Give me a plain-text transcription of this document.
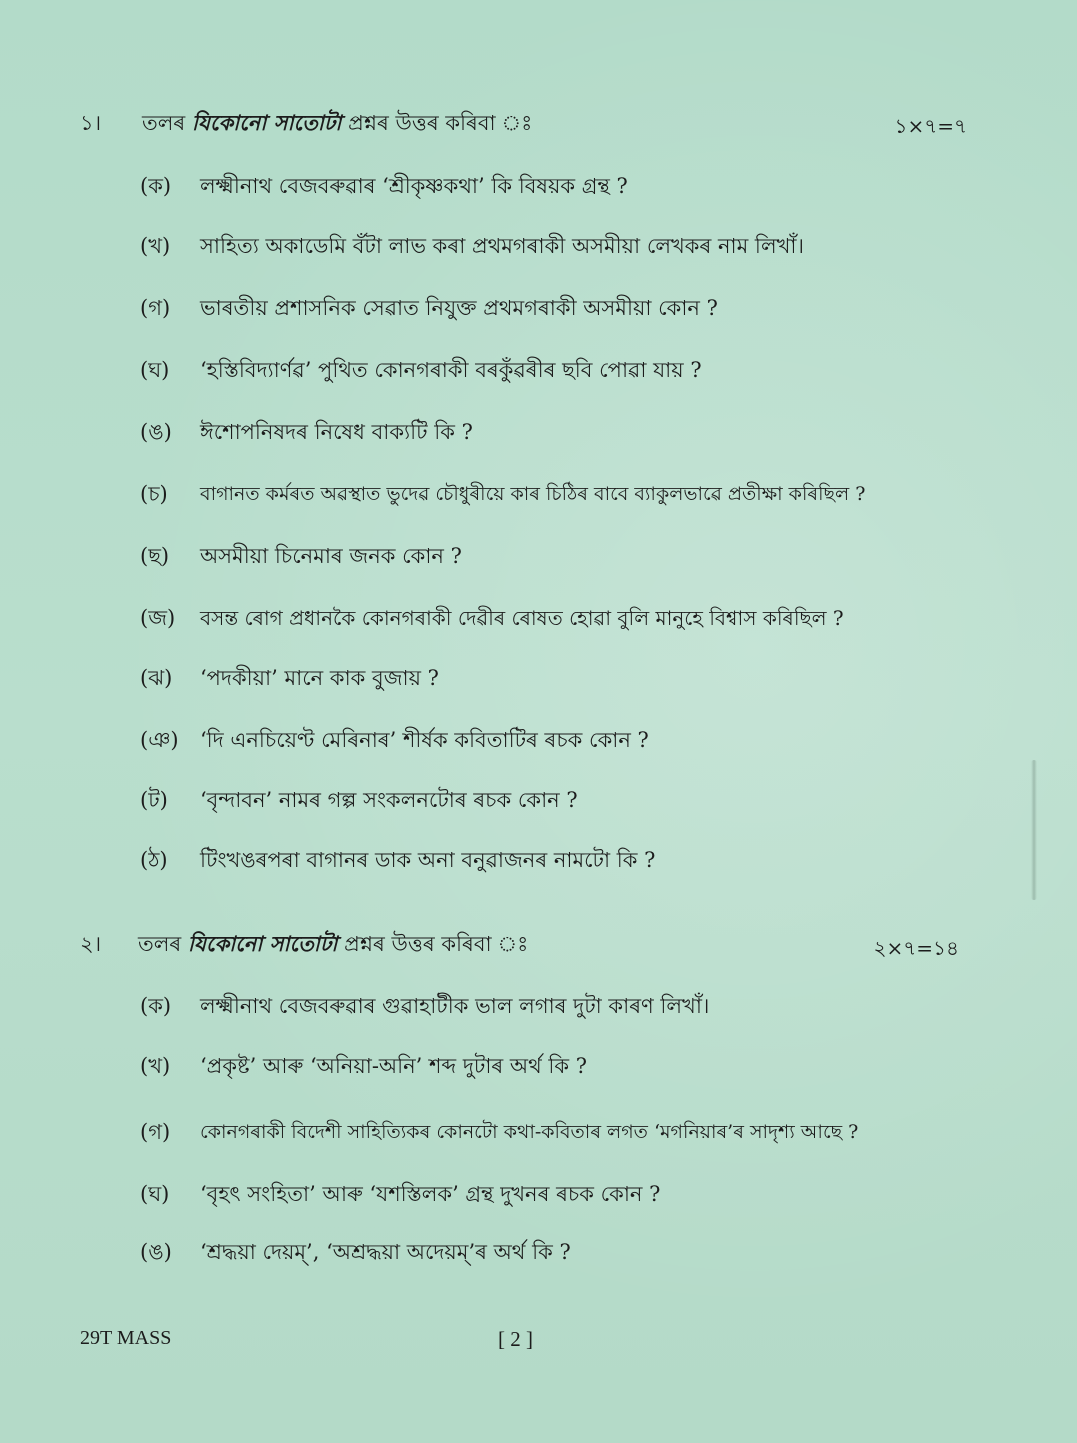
১। তলৰ যিকোনো সাতোটা প্ৰশ্নৰ উত্তৰ কৰিবা ঃ	১×৭=৭
(ক) লক্ষ্মীনাথ বেজবৰুৱাৰ ‘শ্ৰীকৃষ্ণকথা’ কি বিষয়ক গ্ৰন্থ ?
(খ) সাহিত্য অকাডেমি বঁটা লাভ কৰা প্ৰথমগৰাকী অসমীয়া লেখকৰ নাম লিখাঁ।
(গ) ভাৰতীয় প্ৰশাসনিক সেৱাত নিযুক্ত প্ৰথমগৰাকী অসমীয়া কোন ?
(ঘ) ‘হস্তিবিদ্যাৰ্ণৱ’ পুথিত কোনগৰাকী বৰকুঁৱৰীৰ ছবি পোৱা যায় ?
(ঙ) ঈশোপনিষদৰ নিষেধ বাক্যটি কি ?
(চ) বাগানত কৰ্মৰত অৱস্থাত ভুদেৱ চৌধুৰীয়ে কাৰ চিঠিৰ বাবে ব্যাকুলভাৱে প্ৰতীক্ষা কৰিছিল ?
(ছ) অসমীয়া চিনেমাৰ জনক কোন ?
(জ) বসন্ত ৰোগ প্ৰধানকৈ কোনগৰাকী দেৱীৰ ৰোষত হোৱা বুলি মানুহে বিশ্বাস কৰিছিল ?
(ঝ) ‘পদকীয়া’ মানে কাক বুজায় ?
(ঞ) ‘দি এনচিয়েণ্ট মেৰিনাৰ’ শীৰ্ষক কবিতাটিৰ ৰচক কোন ?
(ট) ‘বৃন্দাবন’ নামৰ গল্প সংকলনটোৰ ৰচক কোন ?
(ঠ) টিংখঙৰপৰা বাগানৰ ডাক অনা বনুৱাজনৰ নামটো কি ?
২। তলৰ যিকোনো সাতোটা প্ৰশ্নৰ উত্তৰ কৰিবা ঃ	২×৭=১৪
(ক) লক্ষ্মীনাথ বেজবৰুৱাৰ গুৱাহাটীক ভাল লগাৰ দুটা কাৰণ লিখাঁ।
(খ) ‘প্ৰকৃষ্ট’ আৰু ‘অনিয়া-অনি’ শব্দ দুটাৰ অৰ্থ কি ?
(গ) কোনগৰাকী বিদেশী সাহিত্যিকৰ কোনটো কথা-কবিতাৰ লগত ‘মগনিয়াৰ’ৰ সাদৃশ্য আছে ?
(ঘ) ‘বৃহৎ সংহিতা’ আৰু ‘যশস্তিলক’ গ্ৰন্থ দুখনৰ ৰচক কোন ?
(ঙ) ‘শ্ৰদ্ধয়া দেয়ম্’, ‘অশ্ৰদ্ধয়া অদেয়ম্’ৰ অৰ্থ কি ?
29T MASS	[ 2 ]
